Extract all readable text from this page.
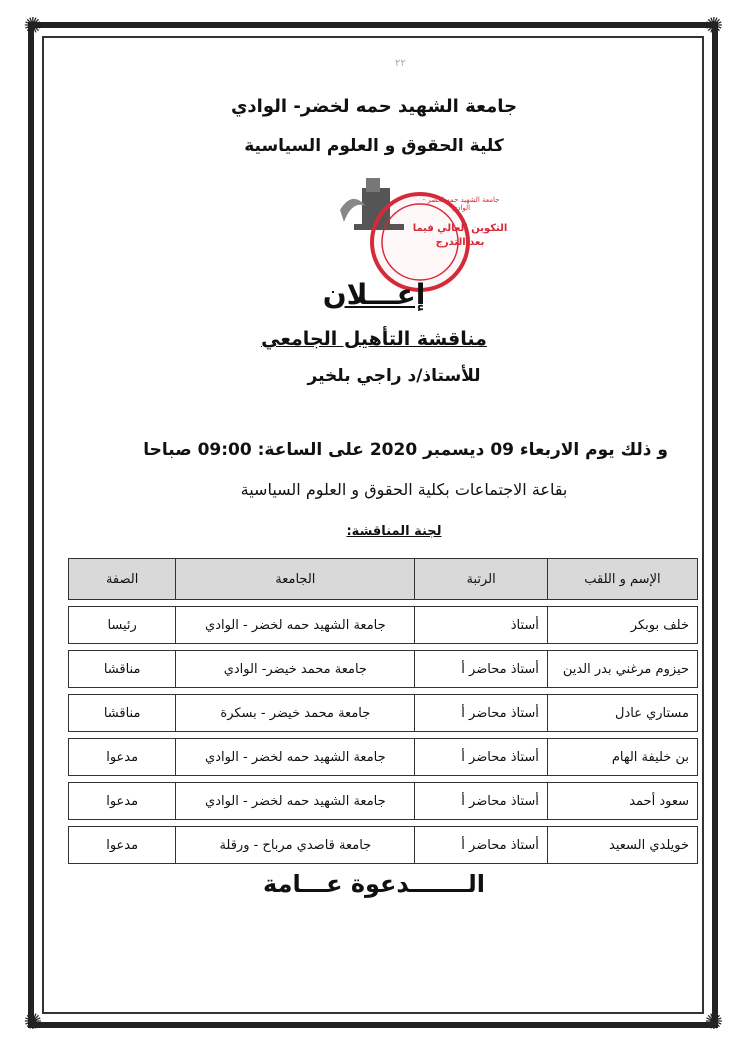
✺	✺
✺	✺
٢٢
جامعة الشهيد حمه لخضر- الوادي
كلية الحقوق و العلوم السياسية
التكوين العالي فيما
بعد التدرج
جامعة الشهيد حمه لخضر - الوادي
إعـــلان
مناقشة التأهيل الجامعي
للأستاذ/د راجي بلخير
و ذلك يوم الاربعاء 09 ديسمبر 2020 على الساعة: 09:00 صباحا
بقاعة الاجتماعات بكلية الحقوق و العلوم السياسية
لجنة المناقشة:
الإسم و اللقب	الرتبة	الجامعة	الصفة

خلف بوبكر	أستاذ	جامعة الشهيد حمه لخضر - الوادي	رئيسا

حيزوم مرغني بدر الدين	أستاذ محاضر أ	جامعة محمد خيضر- الوادي	مناقشا

مستاري عادل	أستاذ محاضر أ	جامعة محمد خيضر - بسكرة	مناقشا

بن خليفة الهام	أستاذ محاضر أ	جامعة الشهيد حمه لخضر - الوادي	مدعوا

سعود أحمد	أستاذ محاضر أ	جامعة الشهيد حمه لخضر - الوادي	مدعوا

خويلدي السعيد	أستاذ محاضر أ	جامعة قاصدي مرباح - ورقلة	مدعوا
الـــــــدعوة عـــامة
